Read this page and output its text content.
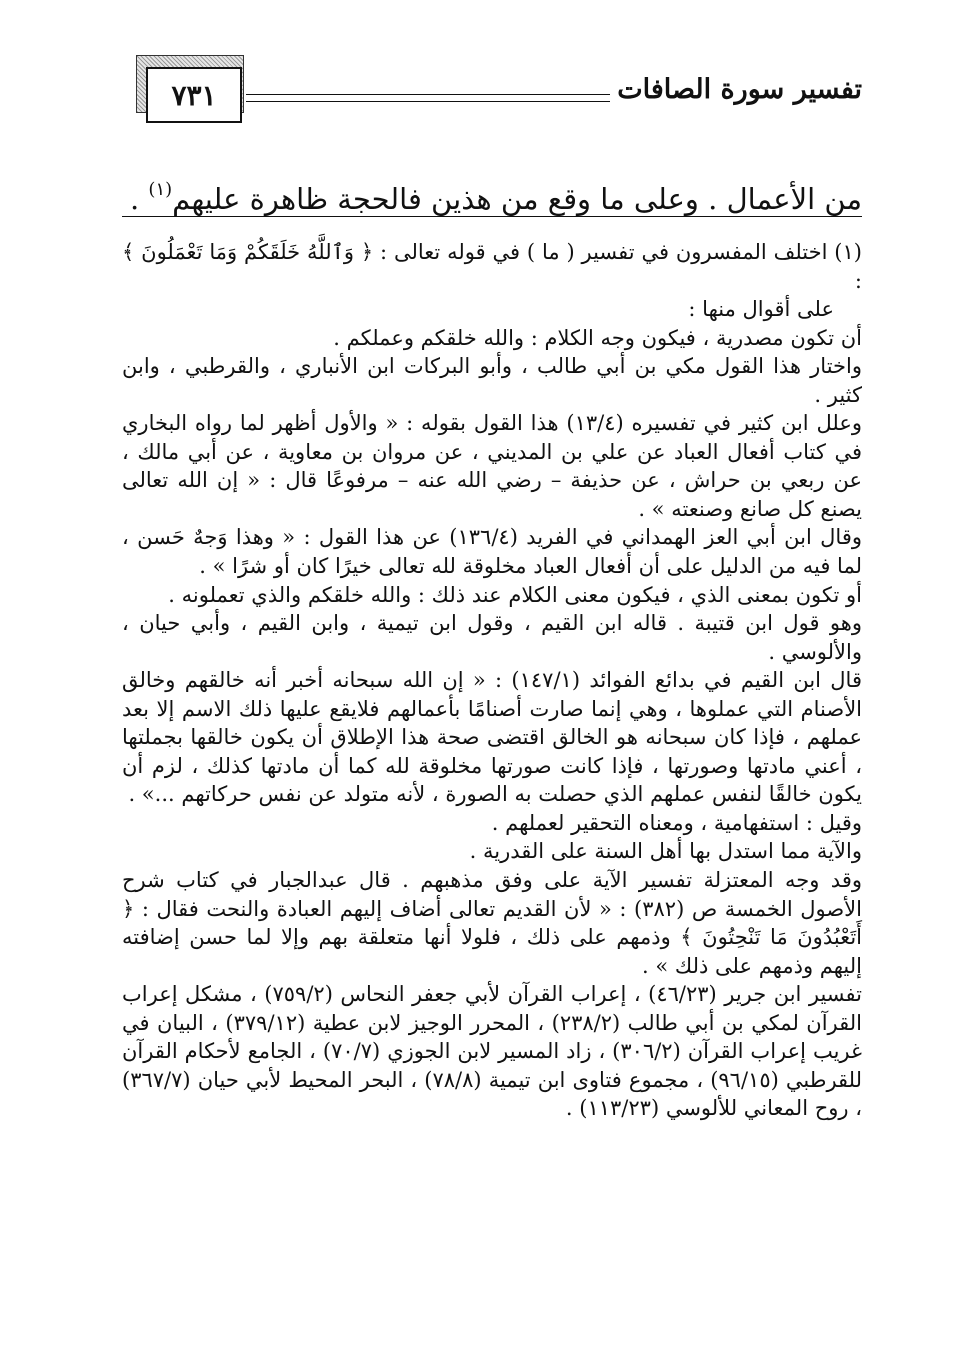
تفسير سورة الصافات
٧٣١
من الأعمال . وعلى ما وقع من هذين فالحجة ظاهرة عليهم$^{(١)}$ .

(١) اختلف المفسرون في تفسير ( ما ) في قوله تعالى : ﴿ وَٱللَّهُ خَلَقَكُمْ وَمَا تَعْمَلُونَ ﴾ :

على أقوال منها :

أن تكون مصدرية ، فيكون وجه الكلام : والله خلقكم وعملكم .

واختار هذا القول مكي بن أبي طالب ، وأبو البركات ابن الأنباري ، والقرطبي ، وابن كثير .

وعلل ابن كثير في تفسيره (١٣/٤) هذا القول بقوله : « والأول أظهر لما رواه البخاري في كتاب أفعال العباد عن علي بن المديني ، عن مروان بن معاوية ، عن أبي مالك ، عن ربعي بن حراش ، عن حذيفة – رضي الله عنه – مرفوعًا قال : « إن الله تعالى يصنع كل صانع وصنعته » .

وقال ابن أبي العز الهمداني في الفريد (١٣٦/٤) عن هذا القول : « وهذا وَجهٌ حَسن ، لما فيه من الدليل على أن أفعال العباد مخلوقة لله تعالى خيرًا كان أو شرًا » .

أو تكون بمعنى الذي ، فيكون معنى الكلام عند ذلك : والله خلقكم والذي تعملونه .

وهو قول ابن قتيبة . قاله ابن القيم ، وقول ابن تيمية ، وابن القيم ، وأبي حيان ، والألوسي .

قال ابن القيم في بدائع الفوائد (١٤٧/١) : « إن الله سبحانه أخبر أنه خالقهم وخالق الأصنام التي عملوها ، وهي إنما صارت أصنامًا بأعمالهم فلايقع عليها ذلك الاسم إلا بعد عملهم ، فإذا كان سبحانه هو الخالق اقتضى صحة هذا الإطلاق أن يكون خالقها بجملتها ، أعني مادتها وصورتها ، فإذا كانت صورتها مخلوقة لله كما أن مادتها كذلك ، لزم أن يكون خالقًا لنفس عملهم الذي حصلت به الصورة ، لأنه متولد عن نفس حركاتهم ...» .

وقيل : استفهامية ، ومعناه التحقير لعملهم .

والآية مما استدل بها أهل السنة على القدرية .

وقد وجه المعتزلة تفسير الآية على وفق مذهبهم . قال عبدالجبار في كتاب شرح الأصول الخمسة ص (٣٨٢) : « لأن القديم تعالى أضاف إليهم العبادة والنحت فقال : ﴿ أَتَعْبُدُونَ مَا تَنْحِتُونَ ﴾ وذمهم على ذلك ، فلولا أنها متعلقة بهم وإلا لما حسن إضافته إليهم وذمهم على ذلك » .

تفسير ابن جرير (٤٦/٢٣) ، إعراب القرآن لأبي جعفر النحاس (٧٥٩/٢) ، مشكل إعراب القرآن لمكي بن أبي طالب (٢٣٨/٢) ، المحرر الوجيز لابن عطية (٣٧٩/١٢) ، البيان في غريب إعراب القرآن (٣٠٦/٢) ، زاد المسير لابن الجوزي (٧٠/٧) ، الجامع لأحكام القرآن للقرطبي (٩٦/١٥) ، مجموع فتاوى ابن تيمية (٧٨/٨) ، البحر المحيط لأبي حيان (٣٦٧/٧) ، روح المعاني للألوسي (١١٣/٢٣) .
